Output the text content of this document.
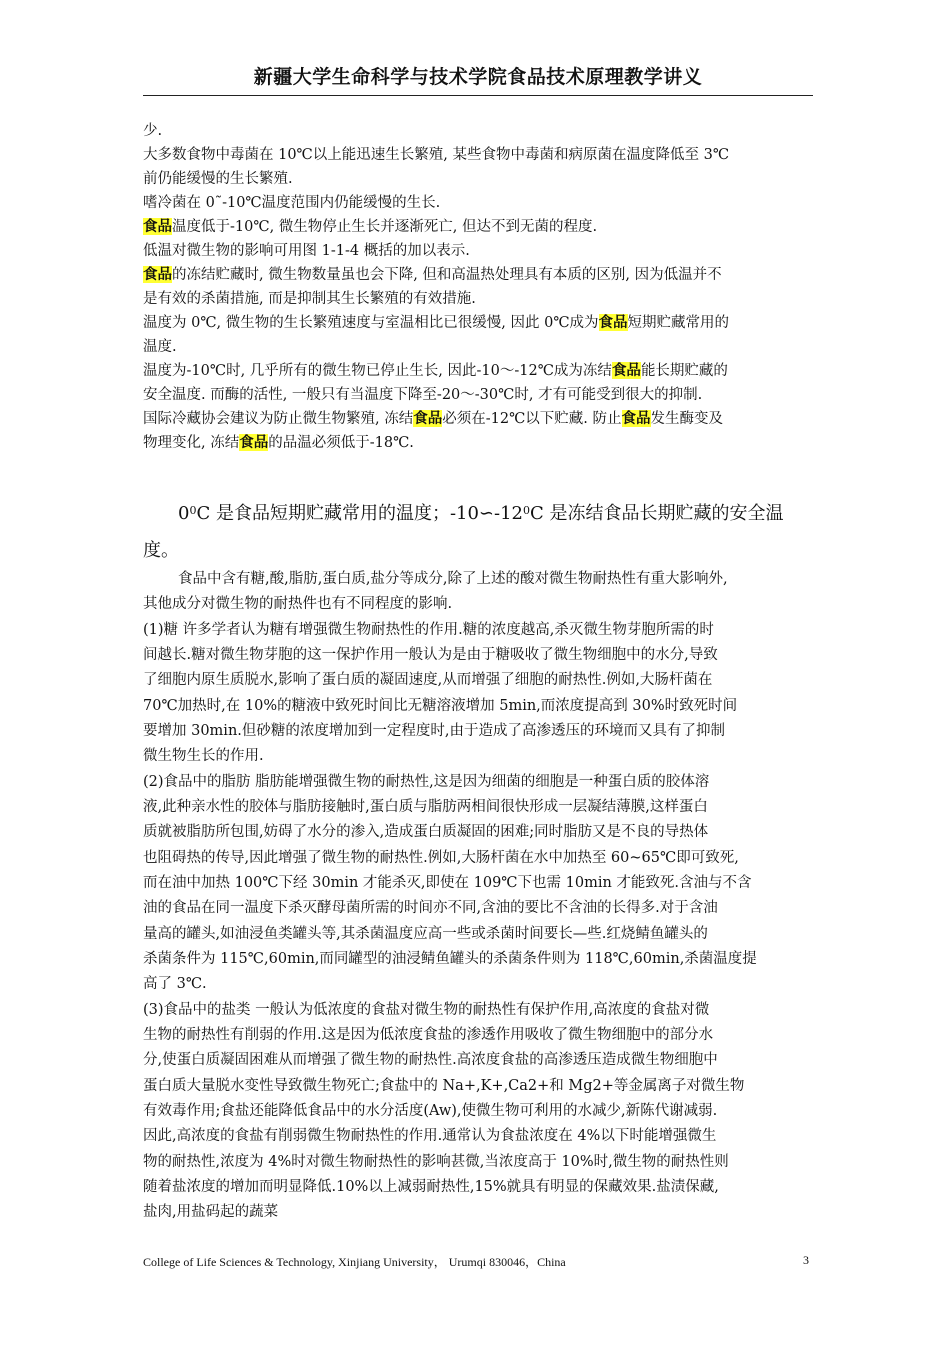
新疆大学生命科学与技术学院食品技术原理教学讲义
少.
大多数食物中毒菌在 10℃以上能迅速生长繁殖, 某些食物中毒菌和病原菌在温度降低至 3℃
前仍能缓慢的生长繁殖.
嗜冷菌在 0˜-10℃温度范围内仍能缓慢的生长.
食品温度低于-10℃, 微生物停止生长并逐渐死亡, 但达不到无菌的程度.
低温对微生物的影响可用图 1-1-4 概括的加以表示.
食品的冻结贮藏时, 微生物数量虽也会下降, 但和高温热处理具有本质的区别, 因为低温并不
是有效的杀菌措施, 而是抑制其生长繁殖的有效措施.
温度为 0℃, 微生物的生长繁殖速度与室温相比已很缓慢, 因此 0℃成为食品短期贮藏常用的
温度.
温度为-10℃时, 几乎所有的微生物已停止生长, 因此-10～-12℃成为冻结食品能长期贮藏的
安全温度. 而酶的活性, 一般只有当温度下降至-20～-30℃时, 才有可能受到很大的抑制.
国际冷藏协会建议为防止微生物繁殖, 冻结食品必须在-12℃以下贮藏. 防止食品发生酶变及
物理变化, 冻结食品的品温必须低于-18℃.
$0^0C$ 是食品短期贮藏常用的温度；$-10∽-12^0C$ 是冻结食品长期贮藏的安全温
度。
食品中含有糖,酸,脂肪,蛋白质,盐分等成分,除了上述的酸对微生物耐热性有重大影响外,
其他成分对微生物的耐热件也有不同程度的影响.
(1)糖 许多学者认为糖有增强微生物耐热性的作用.糖的浓度越高,杀灭微生物芽胞所需的时
间越长.糖对微生物芽胞的这一保护作用一般认为是由于糖吸收了微生物细胞中的水分,导致
了细胞内原生质脱水,影响了蛋白质的凝固速度,从而增强了细胞的耐热性.例如,大肠杆菌在
70℃加热时,在 10%的糖液中致死时间比无糖溶液增加 5min,而浓度提高到 30%时致死时间
要增加 30min.但砂糖的浓度增加到一定程度时,由于造成了高渗透压的环境而又具有了抑制
微生物生长的作用.
(2)食品中的脂肪 脂肪能增强微生物的耐热性,这是因为细菌的细胞是一种蛋白质的胶体溶
液,此种亲水性的胶体与脂肪接触时,蛋白质与脂肪两相间很快形成一层凝结薄膜,这样蛋白
质就被脂肪所包围,妨碍了水分的渗入,造成蛋白质凝固的困难;同时脂肪又是不良的导热体
也阻碍热的传导,因此增强了微生物的耐热性.例如,大肠杆菌在水中加热至 60~65℃即可致死,
而在油中加热 100℃下经 30min 才能杀灭,即使在 109℃下也需 10min 才能致死.含油与不含
油的食品在同一温度下杀灭酵母菌所需的时间亦不同,含油的要比不含油的长得多.对于含油
量高的罐头,如油浸鱼类罐头等,其杀菌温度应高一些或杀菌时间要长—些.红烧鲭鱼罐头的
杀菌条件为 115℃,60min,而同罐型的油浸鲭鱼罐头的杀菌条件则为 118℃,60min,杀菌温度提
高了 3℃.
(3)食品中的盐类 一般认为低浓度的食盐对微生物的耐热性有保护作用,高浓度的食盐对微
生物的耐热性有削弱的作用.这是因为低浓度食盐的渗透作用吸收了微生物细胞中的部分水
分,使蛋白质凝固困难从而增强了微生物的耐热性.高浓度食盐的高渗透压造成微生物细胞中
蛋白质大量脱水变性导致微生物死亡;食盐中的 Na+,K+,Ca2+和 Mg2+等金属离子对微生物
有效毒作用;食盐还能降低食品中的水分活度(Aw),使微生物可利用的水减少,新陈代谢减弱.
因此,高浓度的食盐有削弱微生物耐热性的作用.通常认为食盐浓度在 4%以下时能增强微生
物的耐热性,浓度为 4%时对微生物耐热性的影响甚微,当浓度高于 10%时,微生物的耐热性则
随着盐浓度的增加而明显降低.10%以上减弱耐热性,15%就具有明显的保藏效果.盐渍保藏,
盐肉,用盐码起的蔬菜
College of Life Sciences & Technology, Xinjiang University， Urumqi 830046，China	3
